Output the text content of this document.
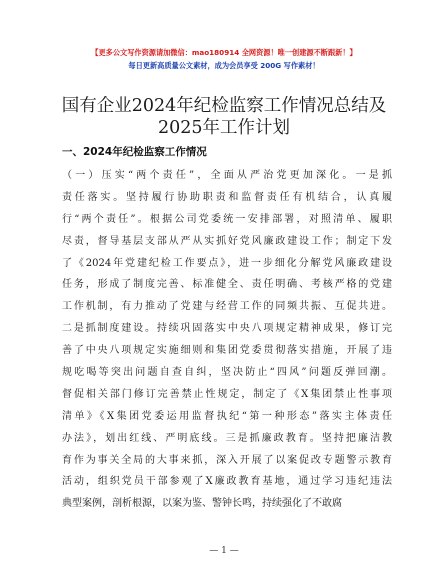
【更多公文写作资源请加微信：mao180914 全网资源！唯一创建源不断跟新！】
每日更新高质量公文素材，成为会员享受 200G 写作素材！
国有企业2024年纪检监察工作情况总结及2025年工作计划
一、2024年纪检监察工作情况
（一）压实“两个责任”，全面从严治党更加深化。一是抓
责任落实。坚持履行协助职责和监督责任有机结合，认真履
行“两个责任”。根据公司党委统一安排部署，对照清单、履职
尽责，督导基层支部从严从实抓好党风廉政建设工作；制定下发
了《2024年党建纪检工作要点》，进一步细化分解党风廉政建设
任务，形成了制度完善、标准健全、责任明确、考核严格的党建
工作机制，有力推动了党建与经营工作的同频共振、互促共进。
二是抓制度建设。持续巩固落实中央八项规定精神成果，修订完
善了中央八项规定实施细则和集团党委贯彻落实措施，开展了违
规吃喝等突出问题自查自纠，坚决防止“四风”问题反弹回潮。
督促相关部门修订完善禁止性规定，制定了《X集团禁止性事项
清单》《X集团党委运用监督执纪“第一种形态”落实主体责任
办法》，划出红线、严明底线。三是抓廉政教育。坚持把廉洁教
育作为事关全局的大事来抓，深入开展了以案促改专题警示教育
活动，组织党员干部参观了X廉政教育基地，通过学习违纪违法
典型案例，剖析根源，以案为鉴、警钟长鸣，持续强化了不敢腐
— 1 —
